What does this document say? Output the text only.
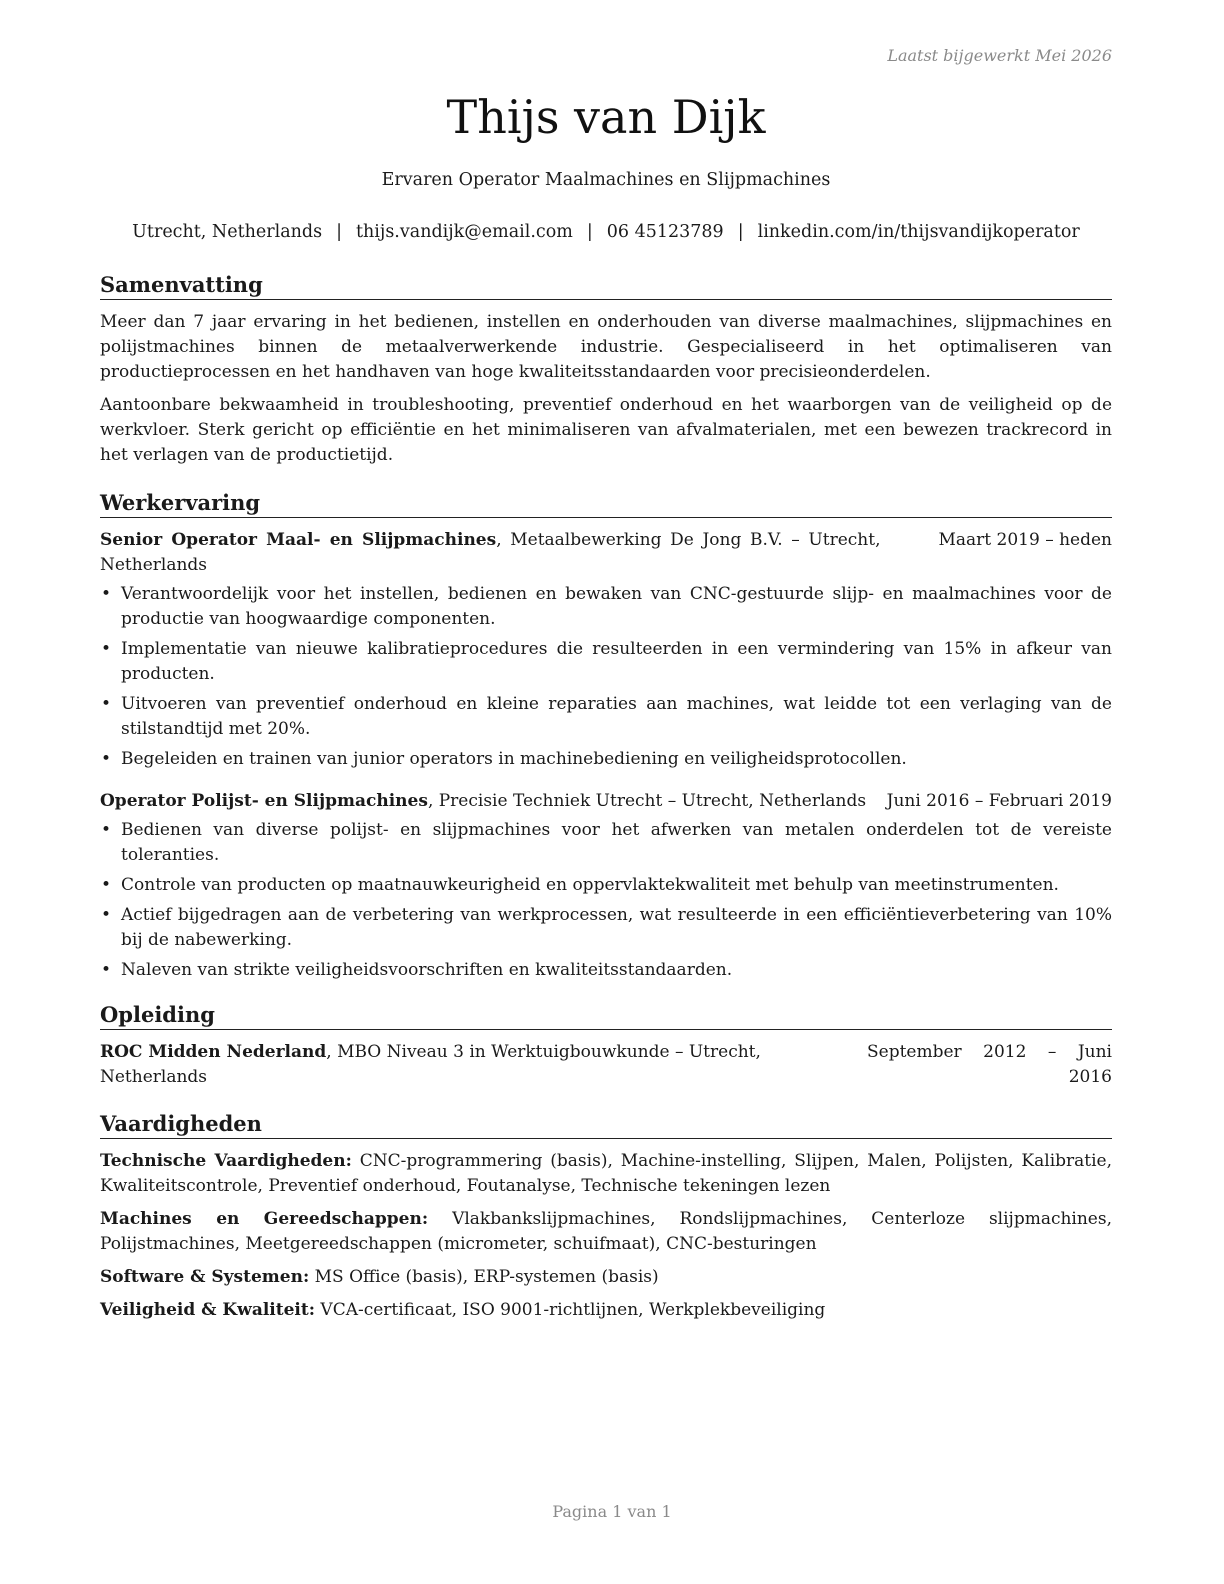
Laatst bijgewerkt Mei 2026
Thijs van Dijk
Ervaren Operator Maalmachines en Slijpmachines
Utrecht, Netherlands | thijs.vandijk@email.com | 06 45123789 | linkedin.com/in/thijsvandijkoperator
Samenvatting

Meer dan 7 jaar ervaring in het bedienen, instellen en onderhouden van diverse maalmachines, slijpmachines en polijstmachines binnen de metaalverwerkende industrie. Gespecialiseerd in het optimaliseren van productieprocessen en het handhaven van hoge kwaliteitsstandaarden voor precisieonderdelen.

Aantoonbare bekwaamheid in troubleshooting, preventief onderhoud en het waarborgen van de veiligheid op de werkvloer. Sterk gericht op efficiëntie en het minimaliseren van afvalmaterialen, met een bewezen trackrecord in het verlagen van de productietijd.

Werkervaring
Senior Operator Maal- en Slijpmachines, Metaalbewerking De Jong B.V. – Utrecht, Netherlands
Maart 2019 – heden
• Verantwoordelijk voor het instellen, bedienen en bewaken van CNC-gestuurde slijp- en maalmachines voor de productie van hoogwaardige componenten.
• Implementatie van nieuwe kalibratieprocedures die resulteerden in een vermindering van 15% in afkeur van producten.
• Uitvoeren van preventief onderhoud en kleine reparaties aan machines, wat leidde tot een verlaging van de stilstandtijd met 20%.
• Begeleiden en trainen van junior operators in machinebediening en veiligheidsprotocollen.
Operator Polijst- en Slijpmachines, Precisie Techniek Utrecht – Utrecht, Netherlands Juni 2016 – Februari 2019
• Bedienen van diverse polijst- en slijpmachines voor het afwerken van metalen onderdelen tot de vereiste toleranties.
• Controle van producten op maatnauwkeurigheid en oppervlaktekwaliteit met behulp van meetinstrumenten.
• Actief bijgedragen aan de verbetering van werkprocessen, wat resulteerde in een efficiëntieverbetering van 10% bij de nabewerking.
• Naleven van strikte veiligheidsvoorschriften en kwaliteitsstandaarden.
Opleiding
ROC Midden Nederland, MBO Niveau 3 in Werktuigbouwkunde – Utrecht, Netherlands
September 2012 – Juni 2016
Vaardigheden
Technische Vaardigheden: CNC-programmering (basis), Machine-instelling, Slijpen, Malen, Polijsten, Kalibratie, Kwaliteitscontrole, Preventief onderhoud, Foutanalyse, Technische tekeningen lezen
Machines en Gereedschappen: Vlakbankslijpmachines, Rondslijpmachines, Centerloze slijpmachines, Polijstmachines, Meetgereedschappen (micrometer, schuifmaat), CNC-besturingen
Software & Systemen: MS Office (basis), ERP-systemen (basis)
Veiligheid & Kwaliteit: VCA-certificaat, ISO 9001-richtlijnen, Werkplekbeveiliging
Pagina 1 van 1
